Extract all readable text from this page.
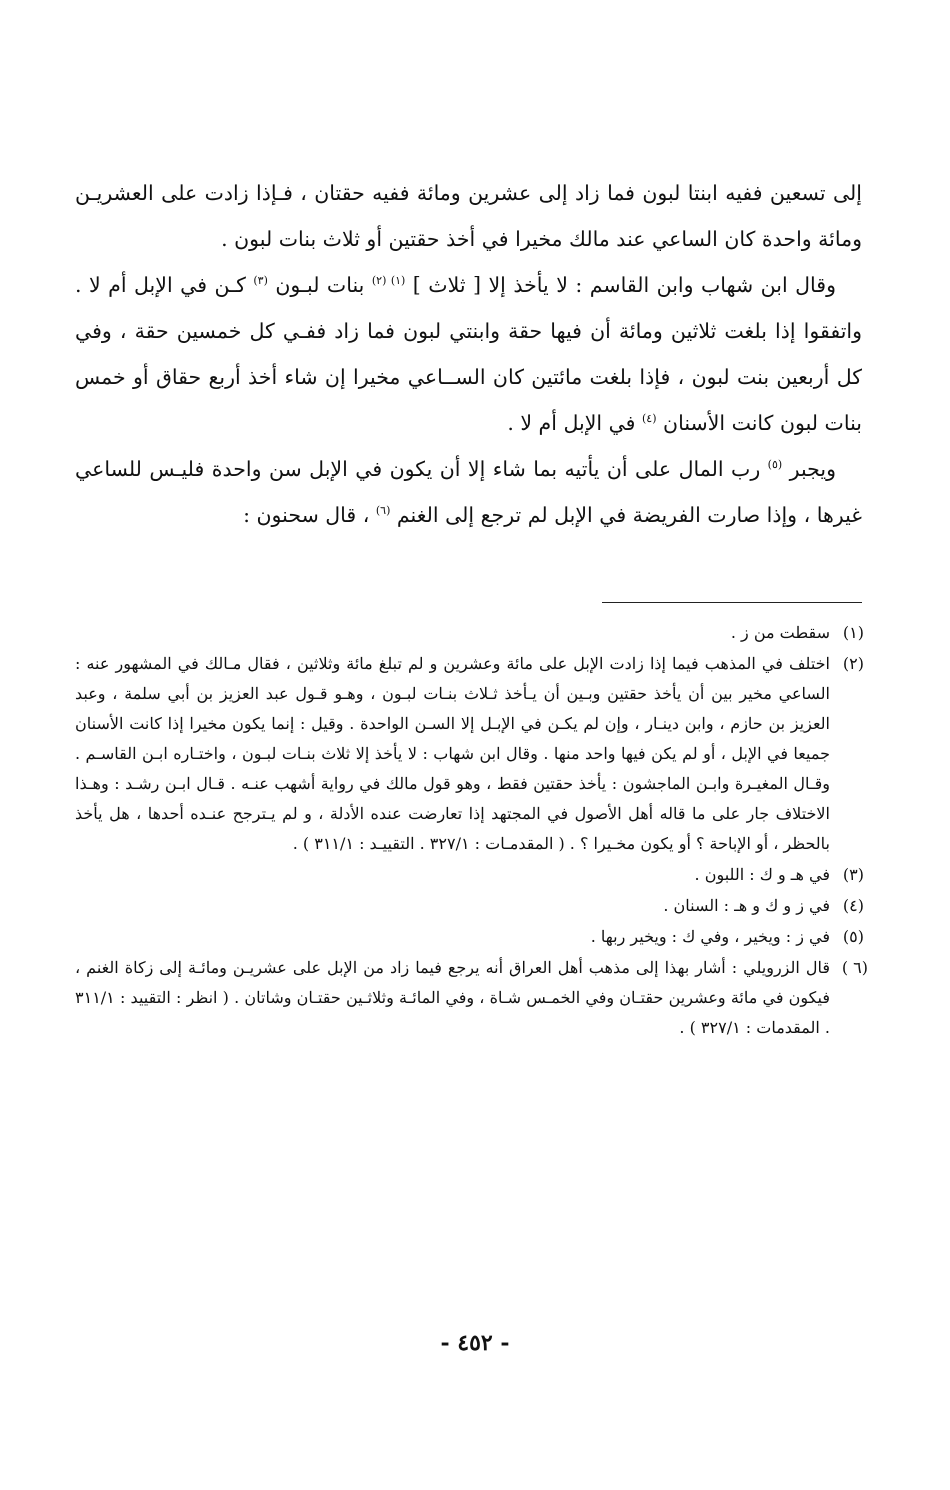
إلى تسعين ففيه ابنتا لبون فما زاد إلى عشرين ومائة ففيه حقتان ، فـإذا زادت على العشريـن ومائة واحدة كان الساعي عند مالك مخيرا في أخذ حقتين أو ثلاث بنات لبون .

وقال ابن شهاب وابن القاسم : لا يأخذ إلا [ ثلاث ] $^{(١) (٢)}$ بنات لبـون $^{(٣)}$ كـن في الإبل أم لا . واتفقوا إذا بلغت ثلاثين ومائة أن فيها حقة وابنتي لبون فما زاد ففـي كل خمسين حقة ، وفي كل أربعين بنت لبون ، فإذا بلغت مائتين كان الســاعي مخيرا إن شاء أخذ أربع حقاق أو خمس بنات لبون كانت الأسنان $^{(٤)}$ في الإبل أم لا .

ويجبر $^{(٥)}$ رب المال على أن يأتيه بما شاء إلا أن يكون في الإبل سن واحدة فليـس للساعي غيرها ، وإذا صارت الفريضة في الإبل لم ترجع إلى الغنم $^{(٦)}$ ، قال سحنون :

(١)
سقطت من ز .
(٢)
اختلف في المذهب فيما إذا زادت الإبل على مائة وعشرين و لم تبلغ مائة وثلاثين ، فقال مـالك في المشهور عنه : الساعي مخير بين أن يأخذ حقتين وبـين أن يـأخذ ثـلاث بنـات لبـون ، وهـو قـول عبد العزيز بن أبي سلمة ، وعبد العزيز بن حازم ، وابن دينـار ، وإن لم يكـن في الإبـل إلا السـن الواحدة . وقيل : إنما يكون مخيرا إذا كانت الأسنان جميعا في الإبل ، أو لم يكن فيها واحد منها . وقال ابن شهاب : لا يأخذ إلا ثلاث بنـات لبـون ، واختـاره ابـن القاسـم . وقـال المغيـرة وابـن الماجشون : يأخذ حقتين فقط ، وهو قول مالك في رواية أشهب عنـه . قـال ابـن رشـد : وهـذا الاختلاف جار على ما قاله أهل الأصول في المجتهد إذا تعارضت عنده الأدلة ، و لم يـترجح عنـده أحدها ، هل يأخذ بالحظر ، أو الإباحة ؟ أو يكون مخـيرا ؟ . ( المقدمـات : ٣٢٧/١ . التقييـد : ٣١١/١ ) .
(٣)
في هـ و ك : اللبون .
(٤)
في ز و ك و هـ : السنان .
(٥)
في ز : ويخير ، وفي ك : ويخير ربها .
(٦ )
قال الزرويلي : أشار بهذا إلى مذهب أهل العراق أنه يرجع فيما زاد من الإبل على عشريـن ومائـة إلى زكاة الغنم ، فيكون في مائة وعشرين حقتـان وفي الخمـس شـاة ، وفي المائـة وثلاثـين حقتـان وشاتان . ( انظر : التقييد : ٣١١/١ . المقدمات : ٣٢٧/١ ) .
- ٤٥٢ -
